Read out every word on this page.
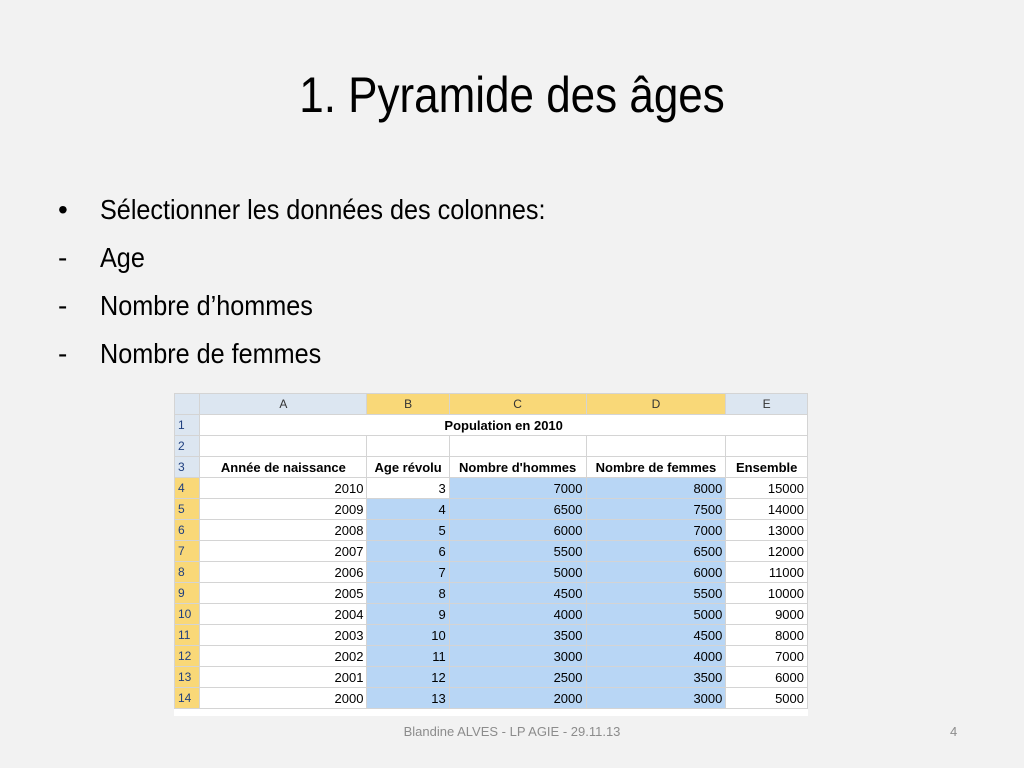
1. Pyramide des âges
•	Sélectionner les données des colonnes:
-	Age
-	Nombre d’hommes
-	Nombre de femmes
	A	B	C	D	E
1	Population en 2010				
2					
3	Année de naissance	Age révolu	Nombre d'hommes	Nombre de femmes	Ensemble
4	2010	3	7000	8000	15000
5	2009	4	6500	7500	14000
6	2008	5	6000	7000	13000
7	2007	6	5500	6500	12000
8	2006	7	5000	6000	11000
9	2005	8	4500	5500	10000
10	2004	9	4000	5000	9000
11	2003	10	3500	4500	8000
12	2002	11	3000	4000	7000
13	2001	12	2500	3500	6000
14	2000	13	2000	3000	5000
Blandine ALVES - LP AGIE - 29.11.13	4
